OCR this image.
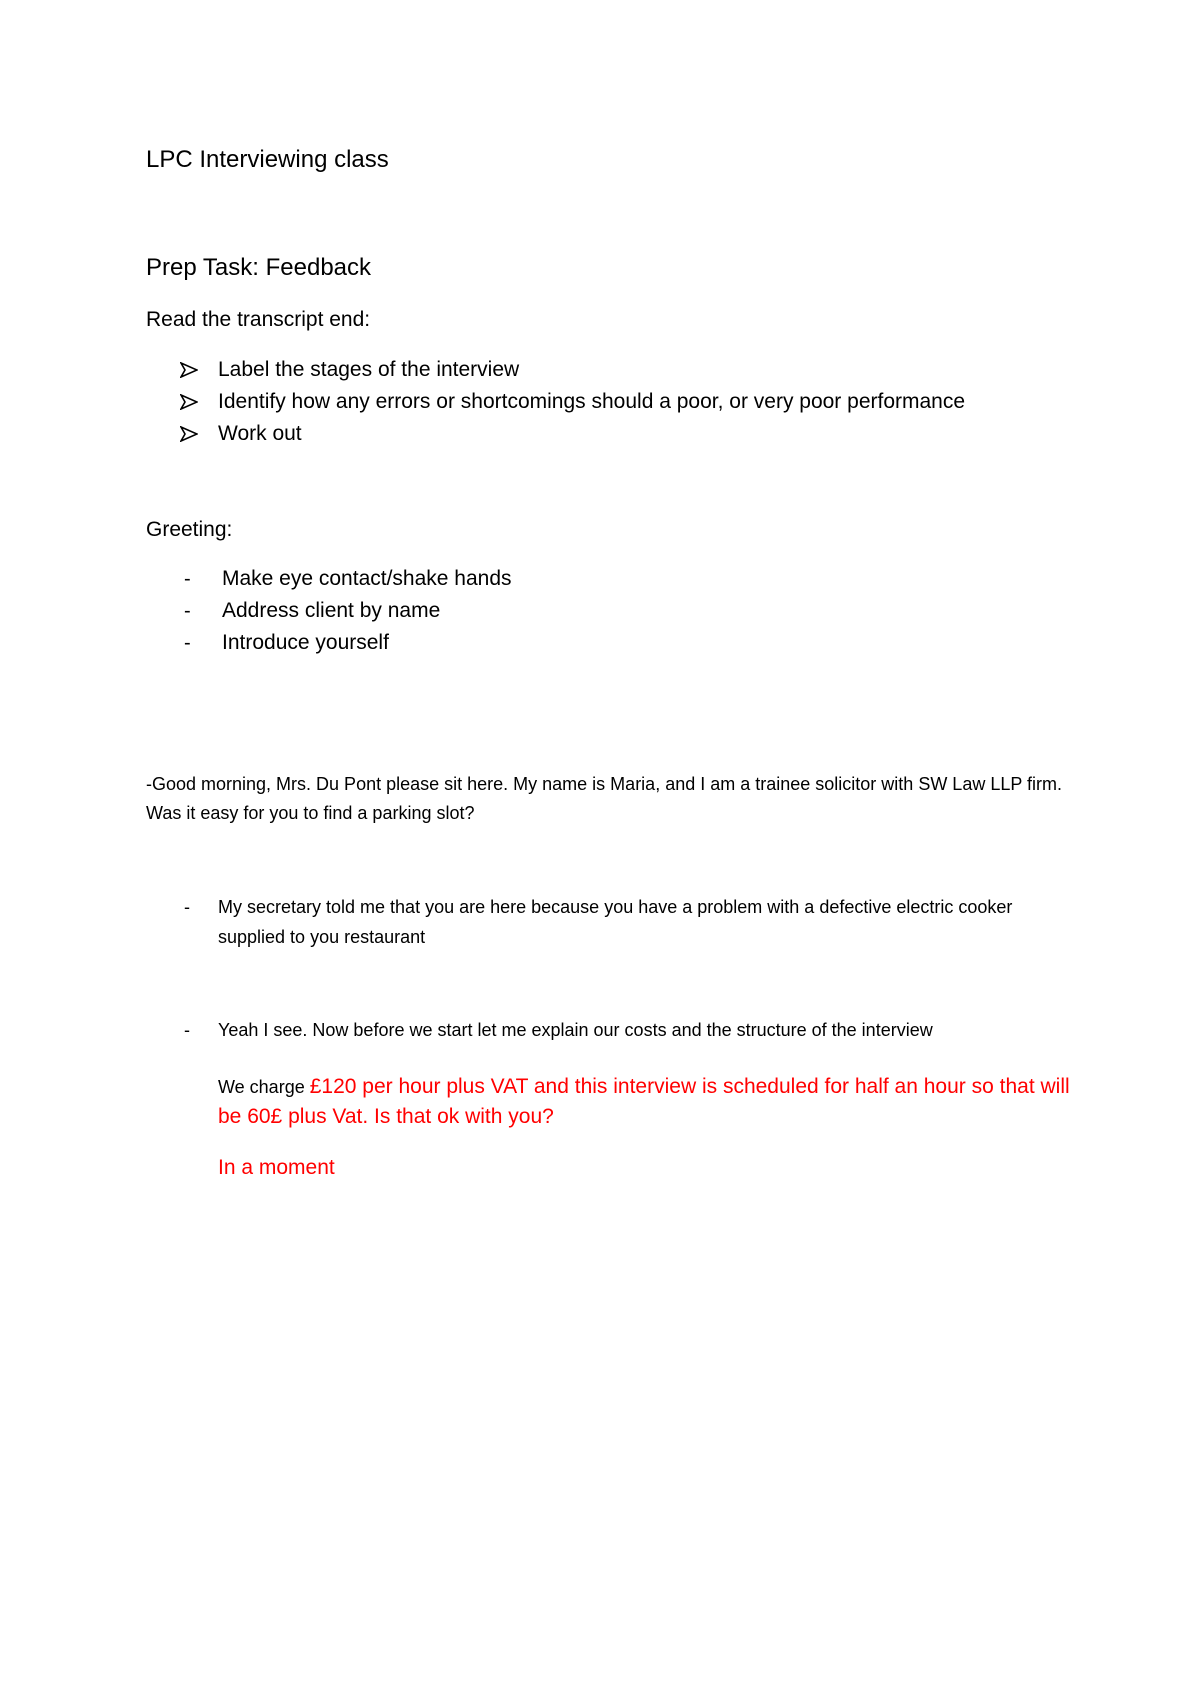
LPC Interviewing class
Prep Task: Feedback
Read the transcript end:
Label the stages of the interview
Identify how any errors or shortcomings should a poor, or very poor performance
Work out
Greeting:
-	Make eye contact/shake hands
-	Address client by name
-	Introduce yourself
-Good morning, Mrs. Du Pont please sit here. My name is Maria, and I am a trainee solicitor with SW Law LLP firm. Was it easy for you to find a parking slot?
- My secretary told me that you are here because you have a problem with a defective electric cooker supplied to you restaurant
- Yeah I see. Now before we start let me explain our costs and the structure of the interview
We charge £120 per hour plus VAT and this interview is scheduled for half an hour so that will be 60£ plus Vat. Is that ok with you?
In a moment
